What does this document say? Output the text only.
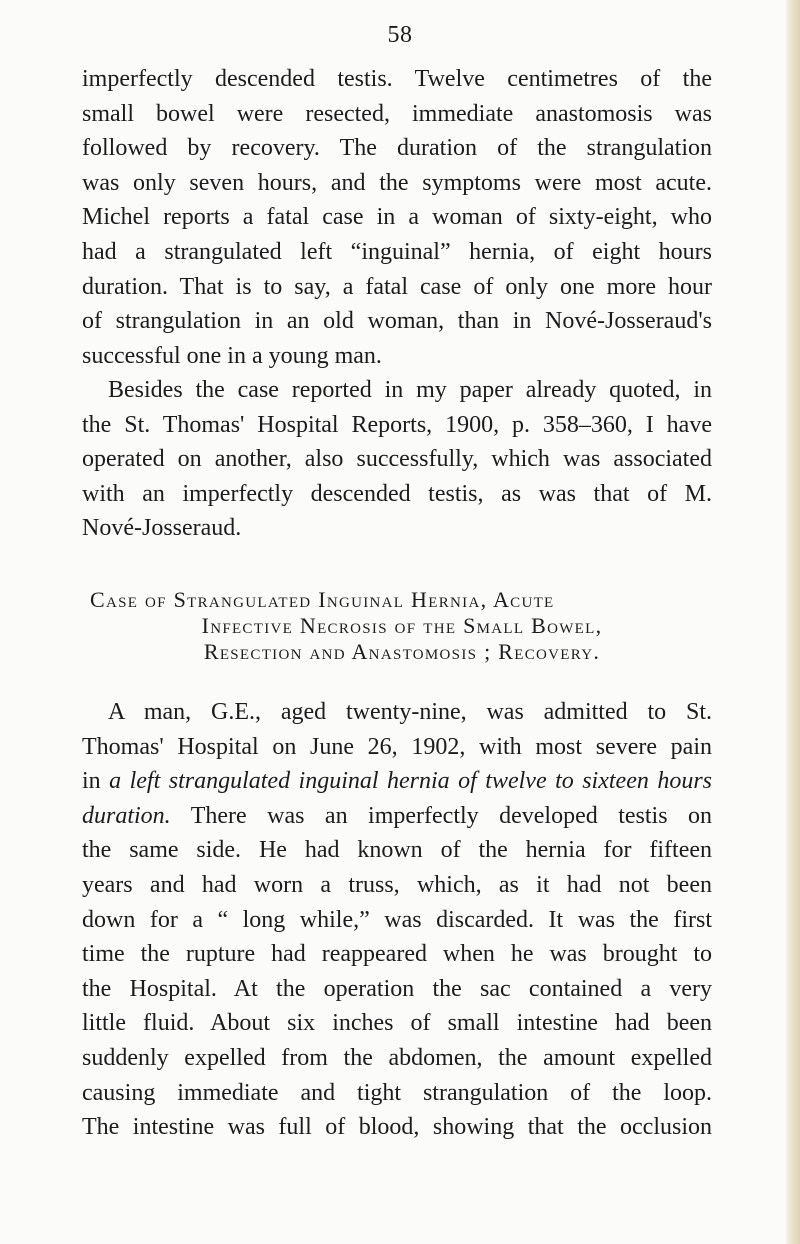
58
imperfectly descended testis. Twelve centimetres of the
small bowel were resected, immediate anastomosis was
followed by recovery. The duration of the strangulation
was only seven hours, and the symptoms were most acute.
Michel reports a fatal case in a woman of sixty-eight, who
had a strangulated left “inguinal” hernia, of eight hours
duration. That is to say, a fatal case of only one more hour
of strangulation in an old woman, than in Nové-Josseraud's
successful one in a young man.
Besides the case reported in my paper already quoted, in
the St. Thomas' Hospital Reports, 1900, p. 358–360, I have
operated on another, also successfully, which was associated
with an imperfectly descended testis, as was that of M.
Nové-Josseraud.
Case of Strangulated Inguinal Hernia, Acute
Infective Necrosis of the Small Bowel,
Resection and Anastomosis ; Recovery.
A man, G.E., aged twenty-nine, was admitted to St.
Thomas' Hospital on June 26, 1902, with most severe pain
in a left strangulated inguinal hernia of twelve to sixteen hours
duration. There was an imperfectly developed testis on
the same side. He had known of the hernia for fifteen
years and had worn a truss, which, as it had not been
down for a “ long while,” was discarded. It was the first
time the rupture had reappeared when he was brought to
the Hospital. At the operation the sac contained a very
little fluid. About six inches of small intestine had been
suddenly expelled from the abdomen, the amount expelled
causing immediate and tight strangulation of the loop.
The intestine was full of blood, showing that the occlusion
